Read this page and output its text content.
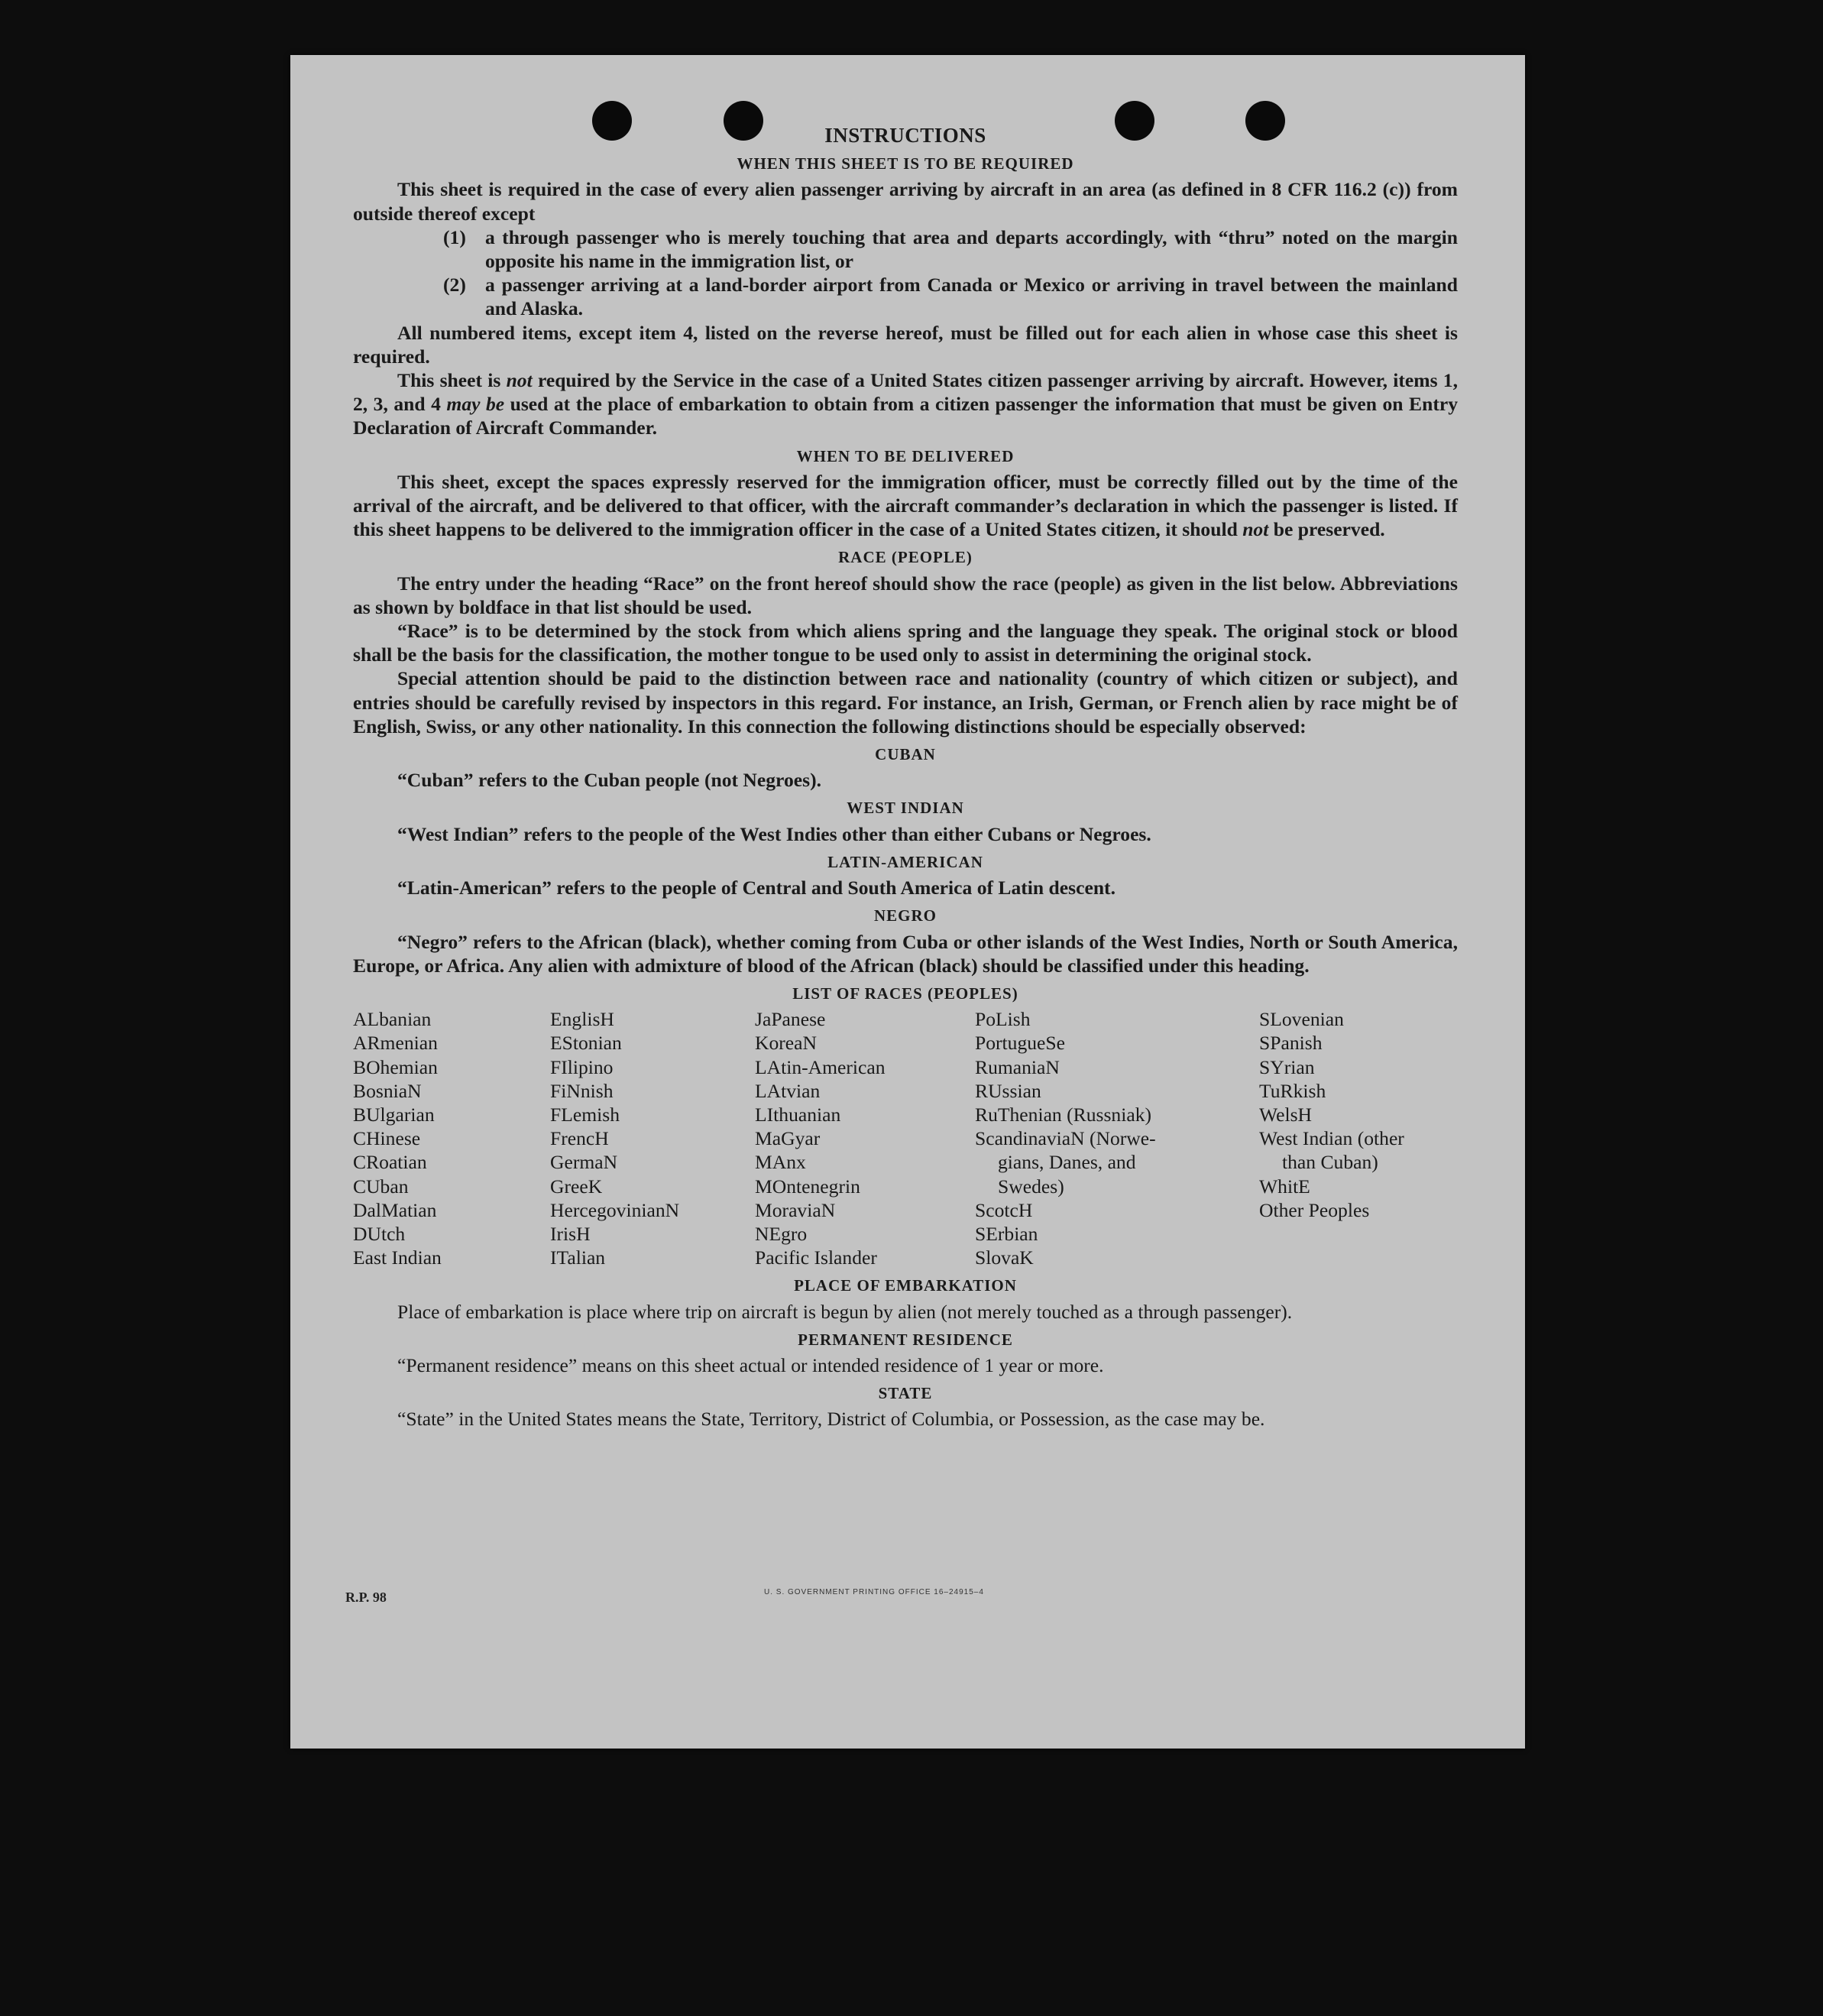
INSTRUCTIONS
WHEN THIS SHEET IS TO BE REQUIRED

This sheet is required in the case of every alien passenger arriving by aircraft in an area (as defined in 8 CFR 116.2 (c)) from outside thereof except

(1) a through passenger who is merely touching that area and departs accordingly, with “thru” noted on the margin opposite his name in the immigration list, or
(2) a passenger arriving at a land-border airport from Canada or Mexico or arriving in travel between the mainland and Alaska.

All numbered items, except item 4, listed on the reverse hereof, must be filled out for each alien in whose case this sheet is required.

This sheet is not required by the Service in the case of a United States citizen passenger arriving by aircraft. However, items 1, 2, 3, and 4 may be used at the place of embarkation to obtain from a citizen passenger the information that must be given on Entry Declaration of Aircraft Commander.

WHEN TO BE DELIVERED

This sheet, except the spaces expressly reserved for the immigration officer, must be correctly filled out by the time of the arrival of the aircraft, and be delivered to that officer, with the aircraft commander’s declaration in which the passenger is listed. If this sheet happens to be delivered to the immigration officer in the case of a United States citizen, it should not be preserved.

RACE (PEOPLE)

The entry under the heading “Race” on the front hereof should show the race (people) as given in the list below. Abbreviations as shown by boldface in that list should be used.

“Race” is to be determined by the stock from which aliens spring and the language they speak. The original stock or blood shall be the basis for the classification, the mother tongue to be used only to assist in determining the original stock.

Special attention should be paid to the distinction between race and nationality (country of which citizen or subject), and entries should be carefully revised by inspectors in this regard. For instance, an Irish, German, or French alien by race might be of English, Swiss, or any other nationality. In this connection the following distinctions should be especially observed:

CUBAN

“Cuban” refers to the Cuban people (not Negroes).

WEST INDIAN

“West Indian” refers to the people of the West Indies other than either Cubans or Negroes.

LATIN-AMERICAN

“Latin-American” refers to the people of Central and South America of Latin descent.

NEGRO

“Negro” refers to the African (black), whether coming from Cuba or other islands of the West Indies, North or South America, Europe, or Africa. Any alien with admixture of blood of the African (black) should be classified under this heading.

LIST OF RACES (PEOPLES)
ALbanian
ARmenian
BOhemian
BosniaN
BUlgarian
CHinese
CRoatian
CUban
DalMatian
DUtch
East Indian
EnglisH
EStonian
FIlipino
FiNnish
FLemish
FrencH
GermaN
GreeK
HercegovinianN
IrisH
ITalian
JaPanese
KoreaN
LAtin-American
LAtvian
LIthuanian
MaGyar
MAnx
MOntenegrin
MoraviaN
NEgro
Pacific Islander
PoLish
PortugueSe
RumaniaN
RUssian
RuThenian (Russniak)
ScandinaviaN (Norwe-
gians, Danes, and
Swedes)
ScotcH
SErbian
SlovaK
SLovenian
SPanish
SYrian
TuRkish
WelsH
West Indian (other
than Cuban)
WhitE
Other Peoples
PLACE OF EMBARKATION

Place of embarkation is place where trip on aircraft is begun by alien (not merely touched as a through passenger).

PERMANENT RESIDENCE

“Permanent residence” means on this sheet actual or intended residence of 1 year or more.

STATE

“State” in the United States means the State, Territory, District of Columbia, or Possession, as the case may be.

R.P. 98	U. S. GOVERNMENT PRINTING OFFICE 16–24915–4
